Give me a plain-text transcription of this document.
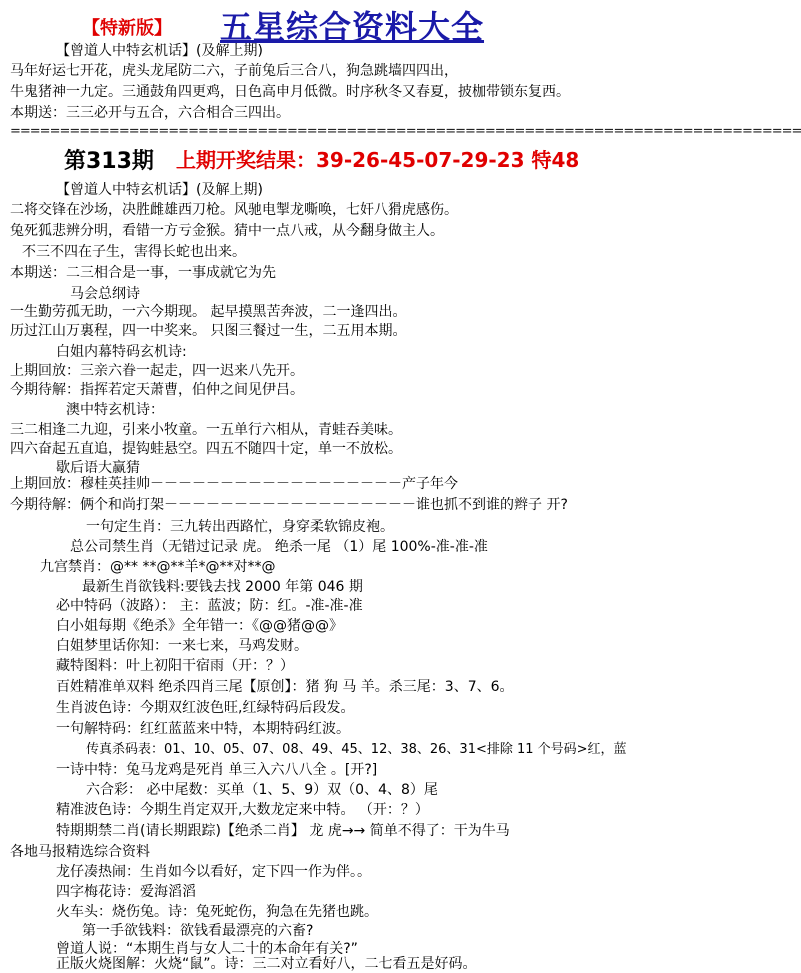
【特新版】 五星综合资料大全
【曾道人中特玄机话】(及解上期)
马年好运七开花，虎头龙尾防二六，子前兔后三合八，狗急跳墙四四出，
牛鬼猪神一九定。三通鼓角四更鸡，日色高申月低微。时序秋冬又春夏，披枷带锁东复西。
本期送：三三必开与五合，六合相合三四出。
================================================================================
第313期 上期开奖结果：39-26-45-07-29-23 特48
【曾道人中特玄机话】(及解上期)
二将交锋在沙场，决胜雌雄西刀枪。风驰电掣龙嘶唤，七奸八猾虎感伤。
兔死狐悲辨分明，看错一方亏金猴。猜中一点八戒，从今翻身做主人。
不三不四在子生，害得长蛇也出来。
本期送：二三相合是一事，一事成就它为先
马会总纲诗
一生勤劳孤无助，一六今期现。 起早摸黑苦奔波，二一逢四出。
历过江山万裏程，四一中奖来。 只图三餐过一生，二五用本期。
白姐内幕特码玄机诗:
上期回放：三亲六眷一起走，四一迟来八先开。
今期待解：指挥若定天萧曹，伯仲之间见伊吕。
澳中特玄机诗：
三二相逢二九迎，引来小牧童。一五单行六相从，青蛙吞美味。
四六奋起五直追，提钩蛙悬空。四五不随四十定，单一不放松。
歇后语大赢猜
上期回放：穆桂英挂帅－－－－－－－－－－－－－－－－－－产子年今
今期待解：俩个和尚打架－－－－－－－－－－－－－－－－－－谁也抓不到谁的辫子 开?
一句定生肖：三九转出西路忙，身穿柔软锦皮袍。
总公司禁生肖（无错过记录 虎。 绝杀一尾 （1）尾 100%-准-准-准
九宫禁肖：@** **@**羊*@**对**@
最新生肖欲钱料:要钱去找 2000 年第 046 期
必中特码（波路）： 主：蓝波；防：红。-准-准-准
白小姐每期《绝杀》全年错一：《@@猪@@》
白姐梦里话你知：一来七来，马鸡发财。
藏特图料：叶上初阳干宿雨（开：？）
百姓精准单双料 绝杀四肖三尾【原创】：猪 狗 马 羊。杀三尾：3、7、6。
生肖波色诗：今期双红波色旺,红绿特码后段发。
一句解特码：红红蓝蓝来中特，本期特码红波。
传真杀码表：01、10、05、07、08、49、45、12、38、26、31<排除 11 个号码>红，蓝
一诗中特：兔马龙鸡是死肖 单三入六八八全 。[开?]
六合彩： 必中尾数：买单（1、5、9）双（0、4、8）尾
精准波色诗：今期生肖定双开,大数龙定来中特。 （开：？）
特期期禁二肖(请长期跟踪)【绝杀二肖】 龙 虎→→ 简单不得了：干为牛马
各地马报精选综合资料
龙仔凑热闹：生肖如今以看好，定下四一作为伴。。
四字梅花诗：爱海滔滔
火车头：烧伤兔。诗：兔死蛇伤，狗急在先猪也跳。
第一手欲钱料：欲钱看最漂亮的六畜?
曾道人说：“本期生肖与女人二十的本命年有关?”
正版火烧图解：火烧“鼠”。诗：三二对立看好八，二七看五是好码。
